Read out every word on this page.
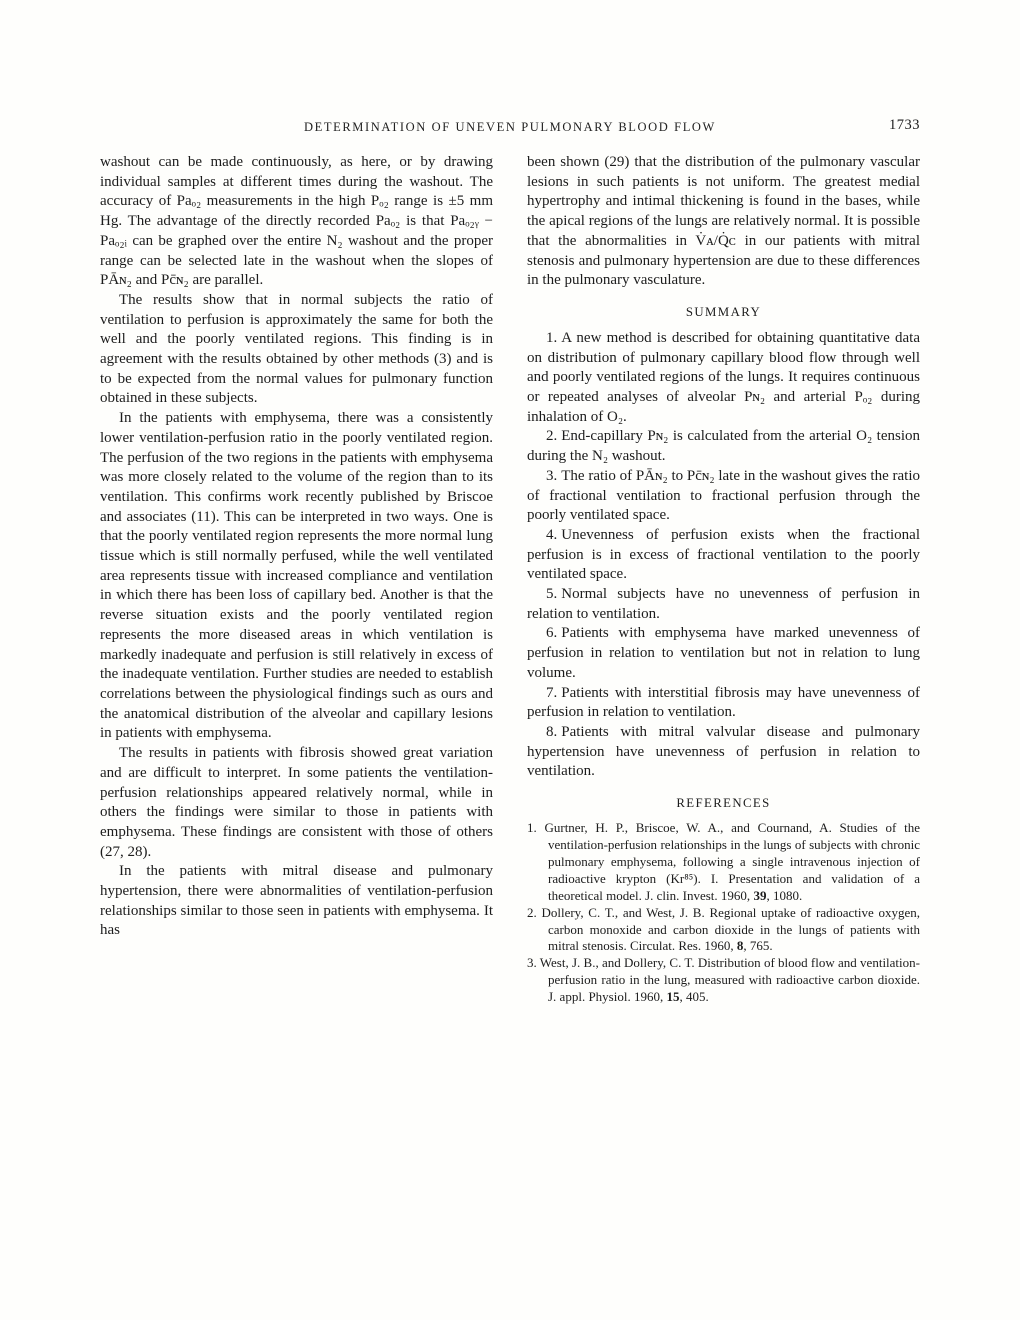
DETERMINATION OF UNEVEN PULMONARY BLOOD FLOW	1733

washout can be made continuously, as here, or by drawing individual samples at different times during the washout. The accuracy of Paₒ₂ measurements in the high Pₒ₂ range is ±5 mm Hg. The advantage of the directly recorded Paₒ₂ is that Paₒ₂ᵧ − Paₒ₂ᵢ can be graphed over the entire N₂ washout and the proper range can be selected late in the washout when the slopes of PĀɴ₂ and Pc̄ɴ₂ are parallel.

The results show that in normal subjects the ratio of ventilation to perfusion is approximately the same for both the well and the poorly ventilated regions. This finding is in agreement with the results obtained by other methods (3) and is to be expected from the normal values for pulmonary function obtained in these subjects.

In the patients with emphysema, there was a consistently lower ventilation-perfusion ratio in the poorly ventilated region. The perfusion of the two regions in the patients with emphysema was more closely related to the volume of the region than to its ventilation. This confirms work recently published by Briscoe and associates (11). This can be interpreted in two ways. One is that the poorly ventilated region represents the more normal lung tissue which is still normally perfused, while the well ventilated area represents tissue with increased compliance and ventilation in which there has been loss of capillary bed. Another is that the reverse situation exists and the poorly ventilated region represents the more diseased areas in which ventilation is markedly inadequate and perfusion is still relatively in excess of the inadequate ventilation. Further studies are needed to establish correlations between the physiological findings such as ours and the anatomical distribution of the alveolar and capillary lesions in patients with emphysema.

The results in patients with fibrosis showed great variation and are difficult to interpret. In some patients the ventilation-perfusion relationships appeared relatively normal, while in others the findings were similar to those in patients with emphysema. These findings are consistent with those of others (27, 28).

In the patients with mitral disease and pulmonary hypertension, there were abnormalities of ventilation-perfusion relationships similar to those seen in patients with emphysema. It has

been shown (29) that the distribution of the pulmonary vascular lesions in such patients is not uniform. The greatest medial hypertrophy and intimal thickening is found in the bases, while the apical regions of the lungs are relatively normal. It is possible that the abnormalities in V̇ᴀ/Q̇ᴄ in our patients with mitral stenosis and pulmonary hypertension are due to these differences in the pulmonary vasculature.

SUMMARY

1. A new method is described for obtaining quantitative data on distribution of pulmonary capillary blood flow through well and poorly ventilated regions of the lungs. It requires continuous or repeated analyses of alveolar Pɴ₂ and arterial Pₒ₂ during inhalation of O₂.

2. End-capillary Pɴ₂ is calculated from the arterial O₂ tension during the N₂ washout.

3. The ratio of PĀɴ₂ to Pc̄ɴ₂ late in the washout gives the ratio of fractional ventilation to fractional perfusion through the poorly ventilated space.

4. Unevenness of perfusion exists when the fractional perfusion is in excess of fractional ventilation to the poorly ventilated space.

5. Normal subjects have no unevenness of perfusion in relation to ventilation.

6. Patients with emphysema have marked unevenness of perfusion in relation to ventilation but not in relation to lung volume.

7. Patients with interstitial fibrosis may have unevenness of perfusion in relation to ventilation.

8. Patients with mitral valvular disease and pulmonary hypertension have unevenness of perfusion in relation to ventilation.

REFERENCES

1. Gurtner, H. P., Briscoe, W. A., and Cournand, A. Studies of the ventilation-perfusion relationships in the lungs of subjects with chronic pulmonary emphysema, following a single intravenous injection of radioactive krypton (Kr⁸⁵). I. Presentation and validation of a theoretical model. J. clin. Invest. 1960, 39, 1080.

2. Dollery, C. T., and West, J. B. Regional uptake of radioactive oxygen, carbon monoxide and carbon dioxide in the lungs of patients with mitral stenosis. Circulat. Res. 1960, 8, 765.

3. West, J. B., and Dollery, C. T. Distribution of blood flow and ventilation-perfusion ratio in the lung, measured with radioactive carbon dioxide. J. appl. Physiol. 1960, 15, 405.
